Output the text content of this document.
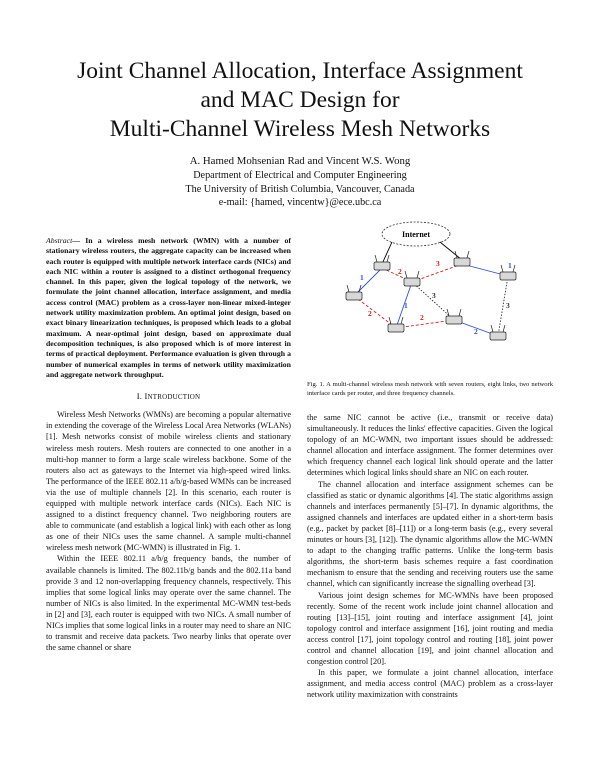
Joint Channel Allocation, Interface Assignment
and MAC Design for
Multi-Channel Wireless Mesh Networks
A. Hamed Mohsenian Rad and Vincent W.S. Wong
Department of Electrical and Computer Engineering
The University of British Columbia, Vancouver, Canada
e-mail: {hamed, vincentw}@ece.ubc.ca
Abstract— In a wireless mesh network (WMN) with a number of stationary wireless routers, the aggregate capacity can be increased when each router is equipped with multiple network interface cards (NICs) and each NIC within a router is assigned to a distinct orthogonal frequency channel. In this paper, given the logical topology of the network, we formulate the joint channel allocation, interface assignment, and media access control (MAC) problem as a cross-layer non-linear mixed-integer network utility maximization problem. An optimal joint design, based on exact binary linearization techniques, is proposed which leads to a global maximum. A near-optimal joint design, based on approximate dual decomposition techniques, is also proposed which is of more interest in terms of practical deployment. Performance evaluation is given through a number of numerical examples in terms of network utility maximization and aggregate network throughput.
I. INTRODUCTION

Wireless Mesh Networks (WMNs) are becoming a popular alternative in extending the coverage of the Wireless Local Area Networks (WLANs) [1]. Mesh networks consist of mobile wireless clients and stationary wireless mesh routers. Mesh routers are connected to one another in a multi-hop manner to form a large scale wireless backbone. Some of the routers also act as gateways to the Internet via high-speed wired links. The performance of the IEEE 802.11 a/b/g-based WMNs can be increased via the use of multiple channels [2]. In this scenario, each router is equipped with multiple network interface cards (NICs). Each NIC is assigned to a distinct frequency channel. Two neighboring routers are able to communicate (and establish a logical link) with each other as long as one of their NICs uses the same channel. A sample multi-channel wireless mesh network (MC-WMN) is illustrated in Fig. 1.

Within the IEEE 802.11 a/b/g frequency bands, the number of available channels is limited. The 802.11b/g bands and the 802.11a band provide 3 and 12 non-overlapping frequency channels, respectively. This implies that some logical links may operate over the same channel. The number of NICs is also limited. In the experimental MC-WMN test-beds in [2] and [3], each router is equipped with two NICs. A small number of NICs implies that some logical links in a router may need to share an NIC to transmit and receive data packets. Two nearby links that operate over the same channel or share

Internet
1
1
2
3
3
2	2
1	3
2
Fig. 1. A multi-channel wireless mesh network with seven routers, eight links, two network interface cards per router, and three frequency channels.

the same NIC cannot be active (i.e., transmit or receive data) simultaneously. It reduces the links' effective capacities. Given the logical topology of an MC-WMN, two important issues should be addressed: channel allocation and interface assignment. The former determines over which frequency channel each logical link should operate and the latter determines which logical links should share an NIC on each router.

The channel allocation and interface assignment schemes can be classified as static or dynamic algorithms [4]. The static algorithms assign channels and interfaces permanently [5]–[7]. In dynamic algorithms, the assigned channels and interfaces are updated either in a short-term basis (e.g., packet by packet [8]–[11]) or a long-term basis (e.g., every several minutes or hours [3], [12]). The dynamic algorithms allow the MC-WMN to adapt to the changing traffic patterns. Unlike the long-term basis algorithms, the short-term basis schemes require a fast coordination mechanism to ensure that the sending and receiving routers use the same channel, which can significantly increase the signalling overhead [3].

Various joint design schemes for MC-WMNs have been proposed recently. Some of the recent work include joint channel allocation and routing [13]–[15], joint routing and interface assignment [4], joint topology control and interface assignment [16], joint routing and media access control [17], joint topology control and routing [18], joint power control and channel allocation [19], and joint channel allocation and congestion control [20].

In this paper, we formulate a joint channel allocation, interface assignment, and media access control (MAC) problem as a cross-layer network utility maximization with constraints
